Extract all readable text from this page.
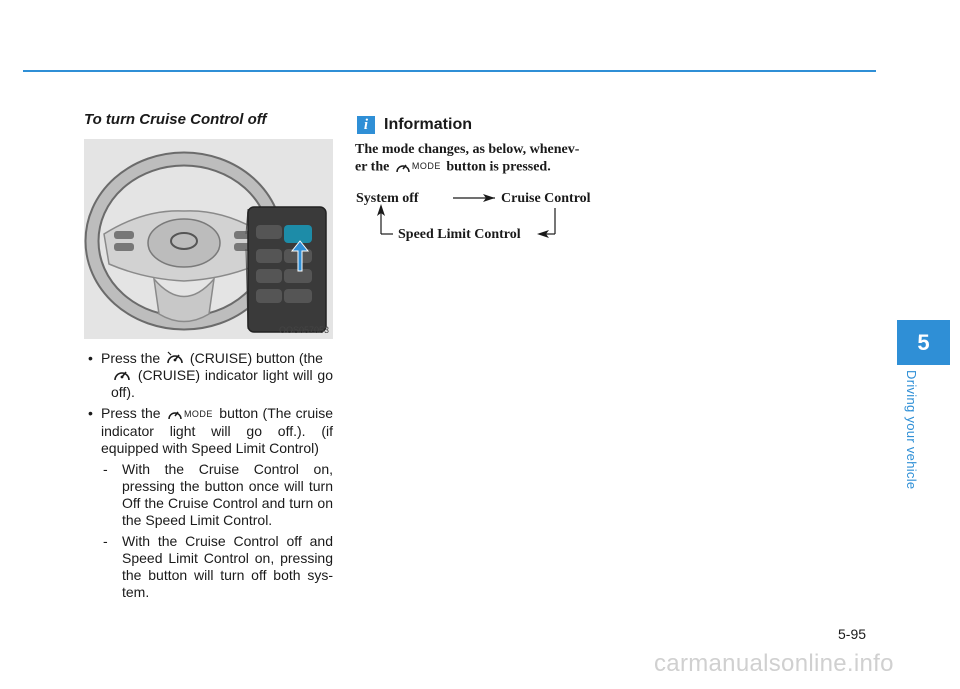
To turn Cruise Control off
OOS057053
• Press the (CRUISE) button (the
(CRUISE) indicator light will go off).
• Press the	MODE button (The cruise indicator light will go off.). (if equipped with Speed Limit Control)
- With the Cruise Control on, pressing the button once will turn Off the Cruise Control and turn on the Speed Limit Control.
- With the Cruise Control off and Speed Limit Control on, pressing the button will turn off both sys-tem.
i Information
The mode changes, as below, whenev-
er the	MODE button is pressed.
System off	Cruise Control
Speed Limit Control
5
Driving your vehicle
5-95
carmanualsonline.info
